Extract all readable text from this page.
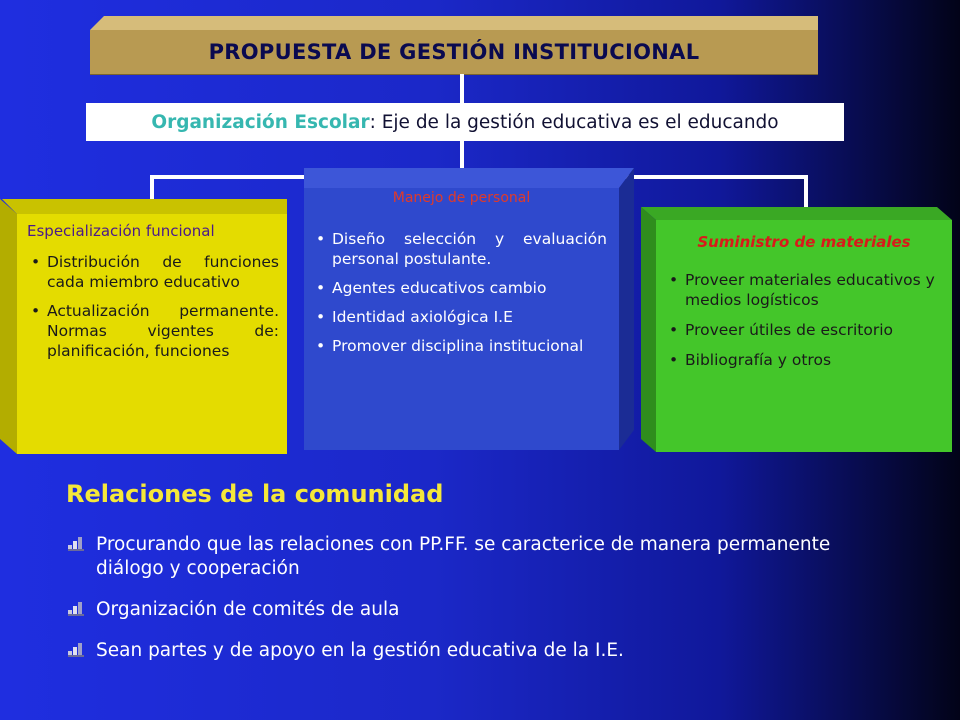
PROPUESTA DE GESTIÓN INSTITUCIONAL
Organización Escolar : Eje de la gestión educativa es el educando
Especialización funcional
• Distribución de funciones cada miembro educativo
• Actualización permanente. Normas vigentes de: planificación, funciones
Manejo de personal
• Diseño selección y evaluación personal postulante.
• Agentes educativos cambio
• Identidad axiológica I.E
• Promover disciplina institucional
Suministro de materiales
• Proveer materiales educativos y medios logísticos
• Proveer útiles de escritorio
• Bibliografía y otros
Relaciones de la comunidad
Procurando que las relaciones con PP.FF. se caracterice de manera permanente diálogo y cooperación
Organización de comités de aula
Sean partes y de apoyo en la gestión educativa de la I.E.
